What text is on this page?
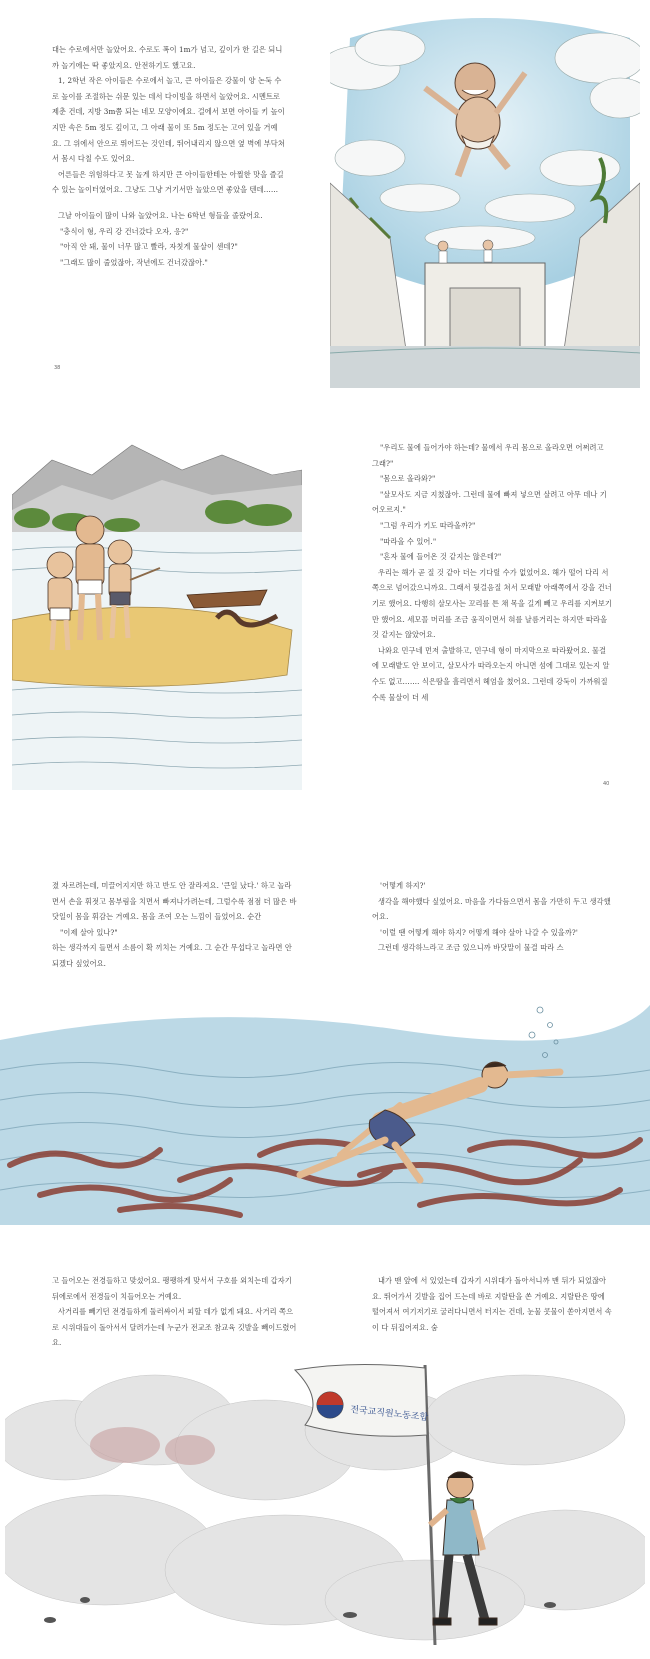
대는 수로에서만 놀았어요. 수로도 폭이 1m가 넘고, 깊이가 한 길은 되니까 놀기에는 딱 좋았지요. 안전하기도 했고요.

1, 2학년 작은 아이들은 수로에서 놀고, 큰 아이들은 강물이 양 논둑 수로 높이를 조절하는 쉬문 있는 데서 다이빙을 하면서 놀았어요. 시멘트로 제춘 건데, 지방 3m쯤 되는 네모 모양이에요. 걸에서 보면 아이들 키 높이지만 속은 5m 정도 깊이고, 그 아래 물이 또 5m 정도는 고여 있을 거예요. 그 위에서 안으로 뛰어드는 것인데, 뛰어내리지 않으면 옆 벽에 부닥쳐서 몸시 다칠 수도 있어요.

어른들은 위험하다고 못 놀게 하지만 큰 아이들한테는 아찔한 맛을 즐길 수 있는 놀이터였어요. 그냥도 그냥 거기서만 놀았으면 좋았을 텐데……

그날 아이들이 많이 나와 놀았어요. 나는 6학년 형들을 졸랐어요.

"충식이 형, 우리 강 건너갔다 오자, 응?"

"아직 안 돼, 물이 너무 많고 빨라, 자칫게 물살이 센데?"

"그래도 많이 줄었잖아, 작년에도 건너갔잖아."

38

"우리도 물에 들어가야 하는데? 물에서 우리 몸으로 올라오면 어쩌려고 그래?"

"몸으로 올라와?"

"살모사도 지금 지쳤잖아. 그런데 물에 빠져 넣으면 살려고 아무 데나 기어오르지."

"그럼 우리가 키도 따라올까?"

"따라올 수 있어."

"혼자 물에 들어온 것 같지는 않은데?"

우리는 해가 곧 질 것 같아 더는 기다릴 수가 없었어요. 해가 떨어 다리 서쪽으로 넘어갔으니까요. 그래서 뒷걸음질 쳐서 모래밭 아래쪽에서 강을 건너기로 했어요. 다행히 살모사는 꼬리를 튼 채 목을 길게 빼고 우리를 지켜보기만 했어요. 세모꼴 머리를 조금 움직이면서 혀를 날름거리는 하지만 따라올 것 같지는 않았어요.

나와요 민구네 먼저 출발하고, 민구네 형이 마지막으로 따라왔어요. 물결에 모래밭도 안 보이고, 살모사가 따라오는지 아니면 섬에 그대로 있는지 알 수도 없고……. 식은땀을 흘리면서 헤엄을 쳤어요. 그런데 강둑이 가까워질수록 물살이 더 세

40

졌 자르려는데, 미끌어지지만 하고 반도 안 잘라져요. '큰일 났다.' 하고 놀라면서 손을 휘젓고 몸부림을 치면서 빠져나가려는데, 그럴수록 점점 더 많은 바닷일이 몸을 휘감는 거예요. 몸을 조여 오는 느낌이 들었어요. 순간

"이제 살아 있나?"

하는 생각까지 들면서 소름이 확 끼치는 거예요. 그 순간 무섭다고 놀라면 안 되겠다 싶었어요.

'어떻게 하지?'

생각을 해야했다 싶었어요. 마음을 가다듬으면서 몸을 가만히 두고 생각했어요.

'이럴 땐 어떻게 해야 하지? 어떻게 해야 살아 나갈 수 있을까?'

그런데 생각하느라고 조금 있으니까 바닷말이 물결 따라 스

고 들어오는 전경들하고 맞섰어요. 팽팽하게 맞서서 구호를 외치는데 갑자기 뒤에로에서 전경들이 치들어오는 거예요.

사거리를 빼기던 전경들하게 둘러싸이서 피할 데가 없게 돼요. 사거리 쪽으로 시위대들이 돌아서서 달려가는데 누군가 전교조 참교육 깃발을 빼이드렸어요.

내가 맨 앞에 서 있었는데 갑자기 시위대가 돌아서니까 맨 뒤가 되었잖아요. 뛰어가서 깃발을 집어 드는데 바로 지랄탄을 쏜 거예요. 지랄탄은 땅에 떨어져서 여기저기로 굴러다니면서 터지는 건데, 눈물 콧물이 쏟아지면서 속이 다 뒤집어져요. 숨

전국교직원노동조합
